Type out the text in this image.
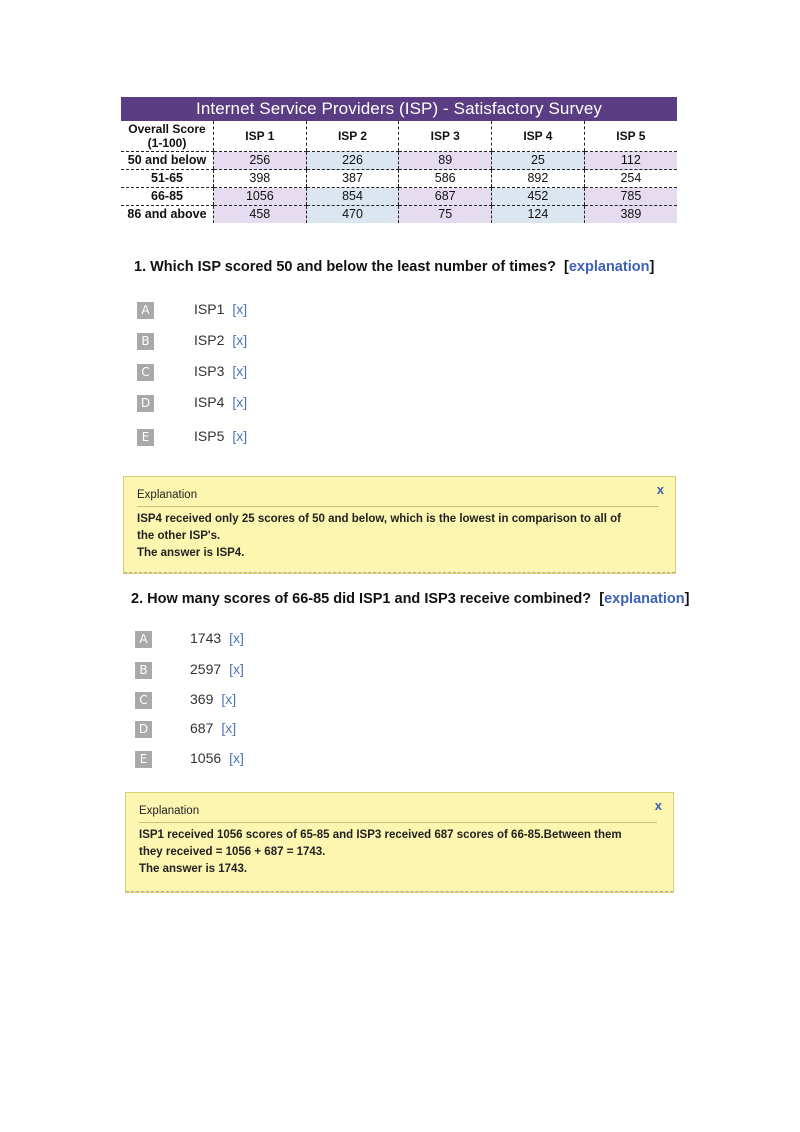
Internet Service Providers (ISP) - Satisfactory Survey
Overall Score (1-100)	ISP 1	ISP 2	ISP 3	ISP 4	ISP 5
50 and below	256	226	89	25	112
51-65	398	387	586	892	254
66-85	1056	854	687	452	785
86 and above	458	470	75	124	389
1. Which ISP scored 50 and below the least number of times? [explanation]
A	ISP1 [x]
B	ISP2 [x]
C	ISP3 [x]
D	ISP4 [x]
E	ISP5 [x]
Explanation	x
ISP4 received only 25 scores of 50 and below, which is the lowest in comparison to all of
the other ISP's.
The answer is ISP4.
2. How many scores of 66-85 did ISP1 and ISP3 receive combined? [explanation]
A	1743 [x]
B	2597 [x]
C	369 [x]
D	687 [x]
E	1056 [x]
Explanation	x
ISP1 received 1056 scores of 65-85 and ISP3 received 687 scores of 66-85.Between them
they received = 1056 + 687 = 1743.
The answer is 1743.
